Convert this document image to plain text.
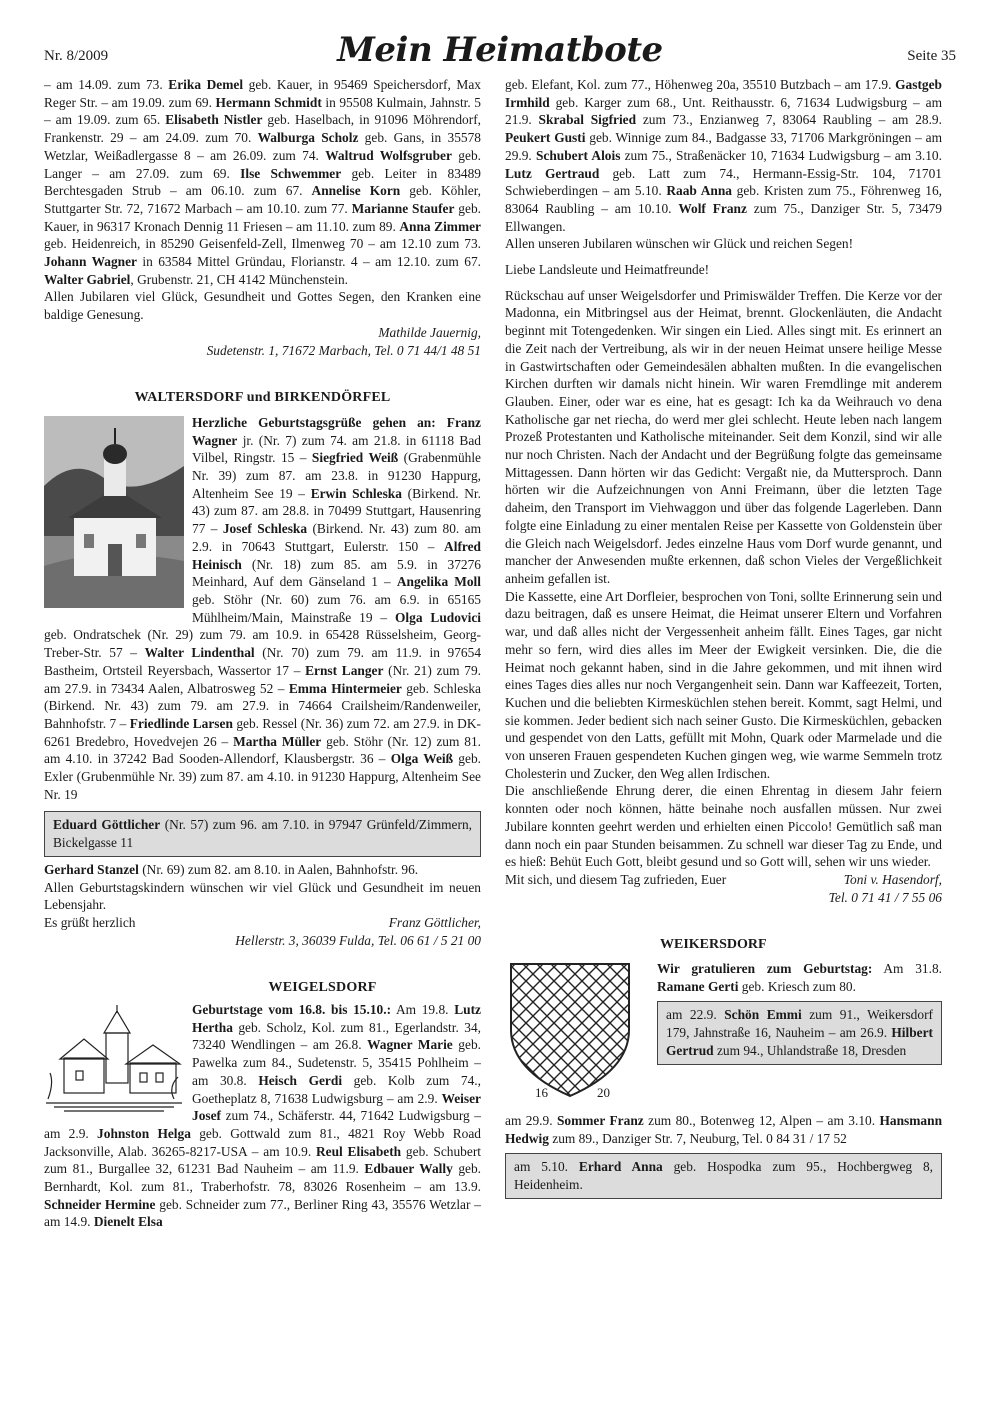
Nr. 8/2009	Mein Heimatbote	Seite 35

– am 14.09. zum 73. Erika Demel geb. Kauer, in 95469 Speichersdorf, Max Reger Str. – am 19.09. zum 69. Hermann Schmidt in 95508 Kulmain, Jahnstr. 5 – am 19.09. zum 65. Elisabeth Nistler geb. Haselbach, in 91096 Möhrendorf, Frankenstr. 29 – am 24.09. zum 70. Walburga Scholz geb. Gans, in 35578 Wetzlar, Weißadlergasse 8 – am 26.09. zum 74. Waltrud Wolfsgruber geb. Langer – am 27.09. zum 69. Ilse Schwemmer geb. Leiter in 83489 Berchtesgaden Strub – am 06.10. zum 67. Annelise Korn geb. Köhler, Stuttgarter Str. 72, 71672 Marbach – am 10.10. zum 77. Marianne Staufer geb. Kauer, in 96317 Kronach Dennig 11 Friesen – am 11.10. zum 89. Anna Zimmer geb. Heidenreich, in 85290 Geisenfeld-Zell, Ilmenweg 70 – am 12.10 zum 73. Johann Wagner in 63584 Mittel Gründau, Florianstr. 4 – am 12.10. zum 67. Walter Gabriel, Grubenstr. 21, CH 4142 Münchenstein.

Allen Jubilaren viel Glück, Gesundheit und Gottes Segen, den Kranken eine baldige Genesung.

Mathilde Jauernig,

Sudetenstr. 1, 71672 Marbach, Tel. 0 71 44/1 48 51

WALTERSDORF und BIRKENDÖRFEL

Herzliche Geburtstagsgrüße gehen an: Franz Wagner jr. (Nr. 7) zum 74. am 21.8. in 61118 Bad Vilbel, Ringstr. 15 – Siegfried Weiß (Grabenmühle Nr. 39) zum 87. am 23.8. in 91230 Happurg, Altenheim See 19 – Erwin Schleska (Birkend. Nr. 43) zum 87. am 28.8. in 70499 Stuttgart, Hausenring 77 – Josef Schleska (Birkend. Nr. 43) zum 80. am 2.9. in 70643 Stuttgart, Eulerstr. 150 – Alfred Heinisch (Nr. 18) zum 85. am 5.9. in 37276 Meinhard, Auf dem Gänseland 1 – Angelika Moll geb. Stöhr (Nr. 60) zum 76. am 6.9. in 65165 Mühlheim/Main, Mainstraße 19 – Olga Ludovici geb. Ondratschek (Nr. 29) zum 79. am 10.9. in 65428 Rüsselsheim, Georg-Treber-Str. 57 – Walter Lindenthal (Nr. 70) zum 79. am 11.9. in 97654 Bastheim, Ortsteil Reyersbach, Wassertor 17 – Ernst Langer (Nr. 21) zum 79. am 27.9. in 73434 Aalen, Albatrosweg 52 – Emma Hintermeier geb. Schleska (Birkend. Nr. 43) zum 79. am 27.9. in 74664 Crailsheim/Randenweiler, Bahnhofstr. 7 – Friedlinde Larsen geb. Ressel (Nr. 36) zum 72. am 27.9. in DK-6261 Bredebro, Hovedvejen 26 – Martha Müller geb. Stöhr (Nr. 12) zum 81. am 4.10. in 37242 Bad Sooden-Allendorf, Klausbergstr. 36 – Olga Weiß geb. Exler (Grubenmühle Nr. 39) zum 87. am 4.10. in 91230 Happurg, Altenheim See Nr. 19

Eduard Göttlicher (Nr. 57) zum 96. am 7.10. in 97947 Grünfeld/Zimmern, Bickelgasse 11

Gerhard Stanzel (Nr. 69) zum 82. am 8.10. in Aalen, Bahnhofstr. 96.

Allen Geburtstagskindern wünschen wir viel Glück und Gesundheit im neuen Lebensjahr.

Es grüßt herzlich	Franz Göttlicher,

Hellerstr. 3, 36039 Fulda, Tel. 06 61 / 5 21 00

WEIGELSDORF

Geburtstage vom 16.8. bis 15.10.: Am 19.8. Lutz Hertha geb. Scholz, Kol. zum 81., Egerlandstr. 34, 73240 Wendlingen – am 26.8. Wagner Marie geb. Pawelka zum 84., Sudetenstr. 5, 35415 Pohlheim – am 30.8. Heisch Gerdi geb. Kolb zum 74., Goetheplatz 8, 71638 Ludwigsburg – am 2.9. Weiser Josef zum 74., Schäferstr. 44, 71642 Ludwigsburg – am 2.9. Johnston Helga geb. Gottwald zum 81., 4821 Roy Webb Road Jacksonville, Alab. 36265-8217-USA – am 10.9. Reul Elisabeth geb. Schubert zum 81., Burgallee 32, 61231 Bad Nauheim – am 11.9. Edbauer Wally geb. Bernhardt, Kol. zum 81., Traberhofstr. 78, 83026 Rosenheim – am 13.9. Schneider Hermine geb. Schneider zum 77., Berliner Ring 43, 35576 Wetzlar – am 14.9. Dienelt Elsa

geb. Elefant, Kol. zum 77., Höhenweg 20a, 35510 Butzbach – am 17.9. Gastgeb Irmhild geb. Karger zum 68., Unt. Reithausstr. 6, 71634 Ludwigsburg – am 21.9. Skrabal Sigfried zum 73., Enzianweg 7, 83064 Raubling – am 28.9. Peukert Gusti geb. Winnige zum 84., Badgasse 33, 71706 Markgröningen – am 29.9. Schubert Alois zum 75., Straßenäcker 10, 71634 Ludwigsburg – am 3.10. Lutz Gertraud geb. Latt zum 74., Hermann-Essig-Str. 104, 71701 Schwieberdingen – am 5.10. Raab Anna geb. Kristen zum 75., Föhrenweg 16, 83064 Raubling – am 10.10. Wolf Franz zum 75., Danziger Str. 5, 73479 Ellwangen.

Allen unseren Jubilaren wünschen wir Glück und reichen Segen!

Liebe Landsleute und Heimatfreunde!

Rückschau auf unser Weigelsdorfer und Primiswälder Treffen. Die Kerze vor der Madonna, ein Mitbringsel aus der Heimat, brennt. Glockenläuten, die Andacht beginnt mit Totengedenken. Wir singen ein Lied. Alles singt mit. Es erinnert an die Zeit nach der Vertreibung, als wir in der neuen Heimat unsere heilige Messe in Gastwirtschaften oder Gemeindesälen abhalten mußten. In die evangelischen Kirchen durften wir damals nicht hinein. Wir waren Fremdlinge mit anderem Glauben. Einer, oder war es eine, hat es gesagt: Ich ka da Weihrauch vo dena Katholische gar net riecha, do werd mer glei schlecht. Heute leben nach langem Prozeß Protestanten und Katholische miteinander. Seit dem Konzil, sind wir alle nur noch Christen. Nach der Andacht und der Begrüßung folgte das gemeinsame Mittagessen. Dann hörten wir das Gedicht: Vergaßt nie, da Muttersproch. Dann hörten wir die Aufzeichnungen von Anni Freimann, über die letzten Tage daheim, den Transport im Viehwaggon und über das folgende Lagerleben. Dann folgte eine Einladung zu einer mentalen Reise per Kassette von Goldenstein über die Gleich nach Weigelsdorf. Jedes einzelne Haus vom Dorf wurde genannt, und mancher der Anwesenden mußte erkennen, daß schon Vieles der Vergeßlichkeit anheim gefallen ist.

Die Kassette, eine Art Dorfleier, besprochen von Toni, sollte Erinnerung sein und dazu beitragen, daß es unsere Heimat, die Heimat unserer Eltern und Vorfahren war, und daß alles nicht der Vergessenheit anheim fällt. Eines Tages, gar nicht mehr so fern, wird dies alles im Meer der Ewigkeit versinken. Die, die die Heimat noch gekannt haben, sind in die Jahre gekommen, und mit ihnen wird eines Tages dies alles nur noch Vergangenheit sein. Dann war Kaffeezeit, Torten, Kuchen und die beliebten Kirmesküchlen stehen bereit. Kommt, sagt Helmi, und sie kommen. Jeder bedient sich nach seiner Gusto. Die Kirmesküchlen, gebacken und gespendet von den Latts, gefüllt mit Mohn, Quark oder Marmelade und die von unseren Frauen gespendeten Kuchen gingen weg, wie warme Semmeln trotz Cholesterin und Zucker, den Weg allen Irdischen.

Die anschließende Ehrung derer, die einen Ehrentag in diesem Jahr feiern konnten oder noch können, hätte beinahe noch ausfallen müssen. Nur zwei Jubilare konnten geehrt werden und erhielten einen Piccolo! Gemütlich saß man dann noch ein paar Stunden beisammen. Zu schnell war dieser Tag zu Ende, und es hieß: Behüt Euch Gott, bleibt gesund und so Gott will, sehen wir uns wieder.

Mit sich, und diesem Tag zufrieden, Euer	Toni v. Hasendorf,

Tel. 0 71 41 / 7 55 06

WEIKERSDORF
16	20

Wir gratulieren zum Geburtstag: Am 31.8. Ramane Gerti geb. Kriesch zum 80.

am 22.9. Schön Emmi zum 91., Weikersdorf 179, Jahnstraße 16, Nauheim – am 26.9. Hilbert Gertrud zum 94., Uhlandstraße 18, Dresden

am 29.9. Sommer Franz zum 80., Botenweg 12, Alpen – am 3.10. Hansmann Hedwig zum 89., Danziger Str. 7, Neuburg, Tel. 0 84 31 / 17 52

am 5.10. Erhard Anna geb. Hospodka zum 95., Hochbergweg 8, Heidenheim.
